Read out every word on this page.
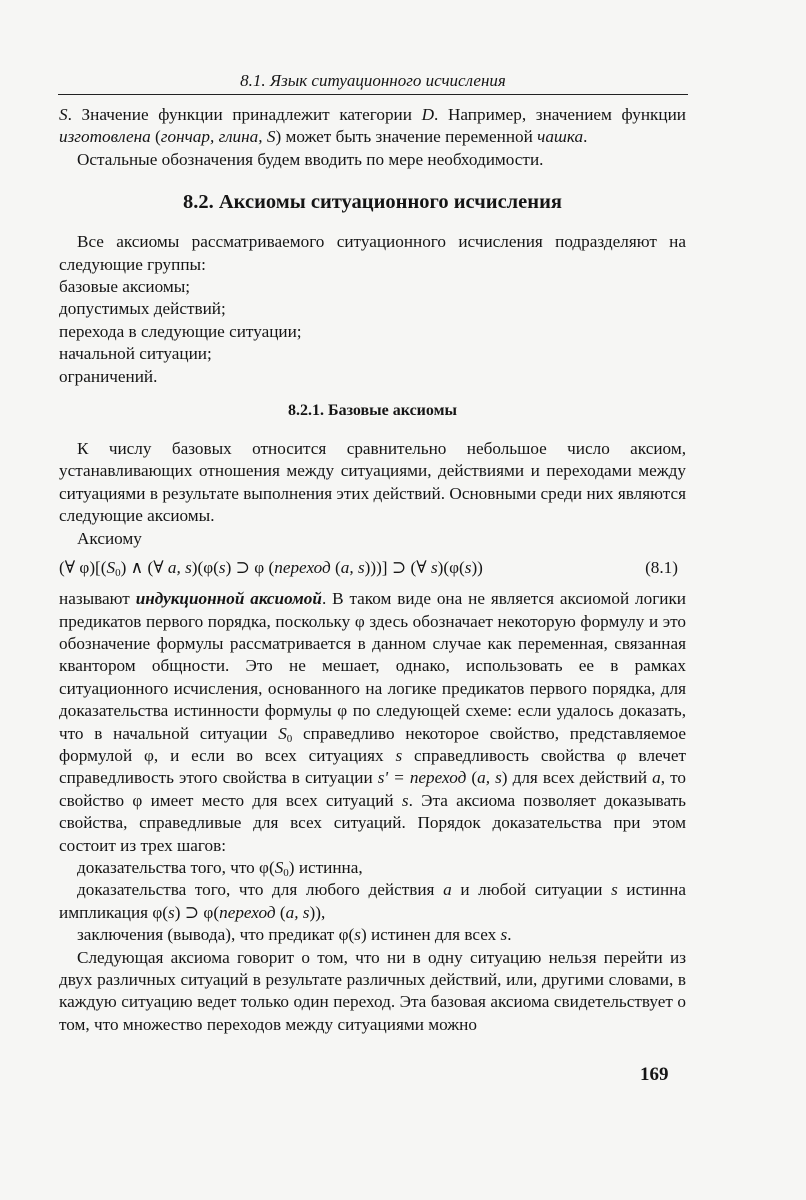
8.1. Язык ситуационного исчисления

S. Значение функции принадлежит категории D. Например, значением функции изготовлена (гончар, глина, S) может быть значение переменной чашка.

Остальные обозначения будем вводить по мере необходимости.

8.2. Аксиомы ситуационного исчисления

Все аксиомы рассматриваемого ситуационного исчисления подразделяют на следующие группы:

базовые аксиомы;
допустимых действий;
перехода в следующие ситуации;
начальной ситуации;
ограничений.
8.2.1. Базовые аксиомы

К числу базовых относится сравнительно небольшое число аксиом, устанавливающих отношения между ситуациями, действиями и переходами между ситуациями в результате выполнения этих действий. Основными среди них являются следующие аксиомы.

Аксиому

(∀ $\varphi)[(S_0)$ ∧ (∀ a, s)(φ(s) ⊃ φ (переход (a, s)))] ⊃ (∀ s)(φ(s))	(8.1)

называют индукционной аксиомой. В таком виде она не является аксиомой логики предикатов первого порядка, поскольку φ здесь обозначает некоторую формулу и это обозначение формулы рассматривается в данном случае как переменная, связанная квантором общности. Это не мешает, однако, использовать ее в рамках ситуационного исчисления, основанного на логике предикатов первого порядка, для доказательства истинности формулы φ по следующей схеме: если удалось доказать, что в начальной ситуации $S_0$ справедливо некоторое свойство, представляемое формулой φ, и если во всех ситуациях s справедливость свойства φ влечет справедливость этого свойства в ситуации s' = переход (a, s) для всех действий a, то свойство φ имеет место для всех ситуаций s. Эта аксиома позволяет доказывать свойства, справедливые для всех ситуаций. Порядок доказательства при этом состоит из трех шагов:

доказательства того, что $\varphi(S_0)$ истинна,

доказательства того, что для любого действия a и любой ситуации s истинна импликация φ(s) ⊃ φ(переход (a, s)),

заключения (вывода), что предикат φ(s) истинен для всех s.

Следующая аксиома говорит о том, что ни в одну ситуацию нельзя перейти из двух различных ситуаций в результате различных действий, или, другими словами, в каждую ситуацию ведет только один переход. Эта базовая аксиома свидетельствует о том, что множество переходов между ситуациями можно

169
